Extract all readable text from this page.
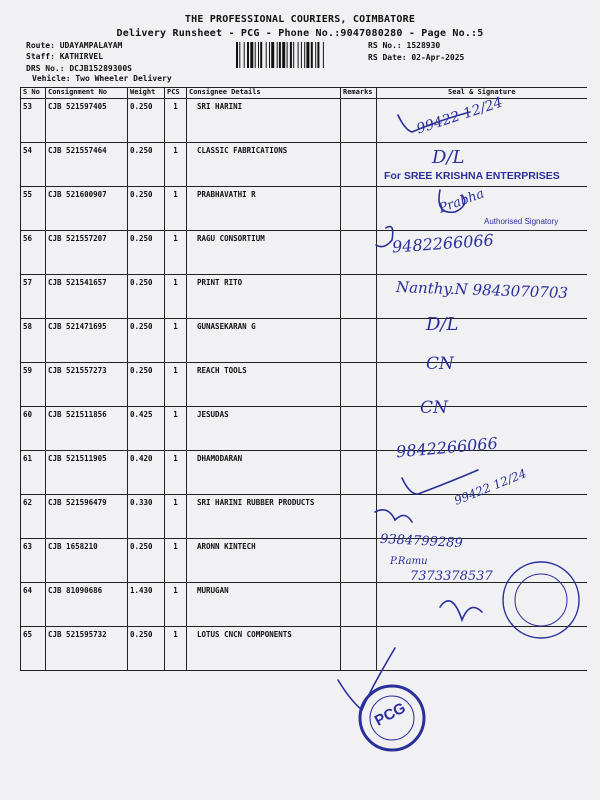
THE PROFESSIONAL COURIERS, COIMBATORE
Delivery Runsheet - PCG - Phone No.:9047080280 - Page No.:5
Route: UDAYAMPALAYAM
Staff: KATHIRVEL
DRS No.: DCJB15289300S
Vehicle: Two Wheeler Delivery
RS No.: 1528930
RS Date: 02-Apr-2025
S No	Consignment No	Weight	PCS	Consignee Details	Remarks	Seal & Signature
53	CJB 521597405	0.250	1	SRI HARINI		
54	CJB 521557464	0.250	1	CLASSIC FABRICATIONS		
55	CJB 521600907	0.250	1	PRABHAVATHI R		
56	CJB 521557207	0.250	1	RAGU CONSORTIUM		
57	CJB 521541657	0.250	1	PRINT RITO		
58	CJB 521471695	0.250	1	GUNASEKARAN G		
59	CJB 521557273	0.250	1	REACH TOOLS		
60	CJB 521511856	0.425	1	JESUDAS		
61	CJB 521511905	0.420	1	DHAMODARAN		
62	CJB 521596479	0.330	1	SRI HARINI RUBBER PRODUCTS		
63	CJB 1658210	0.250	1	ARONN KINTECH		
64	CJB 81090686	1.430	1	MURUGAN		
65	CJB 521595732	0.250	1	LOTUS CNCN COMPONENTS		
99422 12/24
D/L
For SREE KRISHNA ENTERPRISES
Authorised Signatory
Prabha
9482266066
Nanthy.N 9843070703
D/L
CN
CN
9842266066
99422 12/24
9384799289
P.Ramu
7373378537
PCG
